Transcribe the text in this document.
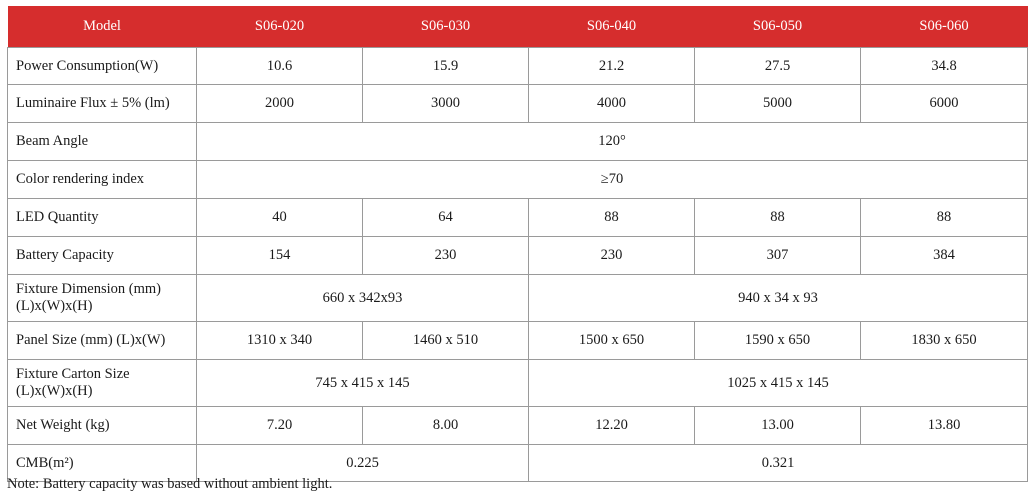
Model	S06-020	S06-030	S06-040	S06-050	S06-060
Power Consumption(W)	10.6	15.9	21.2	27.5	34.8
Luminaire Flux ± 5% (lm)	2000	3000	4000	5000	6000
Beam Angle	120°				
Color rendering index	≥70				
LED Quantity	40	64	88	88	88
Battery Capacity	154	230	230	307	384
Fixture Dimension (mm)
(L)x(W)x(H)	660 x 342x93		940 x 34 x 93		
Panel Size (mm) (L)x(W)	1310 x 340	1460 x 510	1500 x 650	1590 x 650	1830 x 650
Fixture Carton Size
(L)x(W)x(H)	745 x 415 x 145		1025 x 415 x 145		
Net Weight (kg)	7.20	8.00	12.20	13.00	13.80
CMB(m²)	0.225		0.321		
Note: Battery capacity was based without ambient light.
